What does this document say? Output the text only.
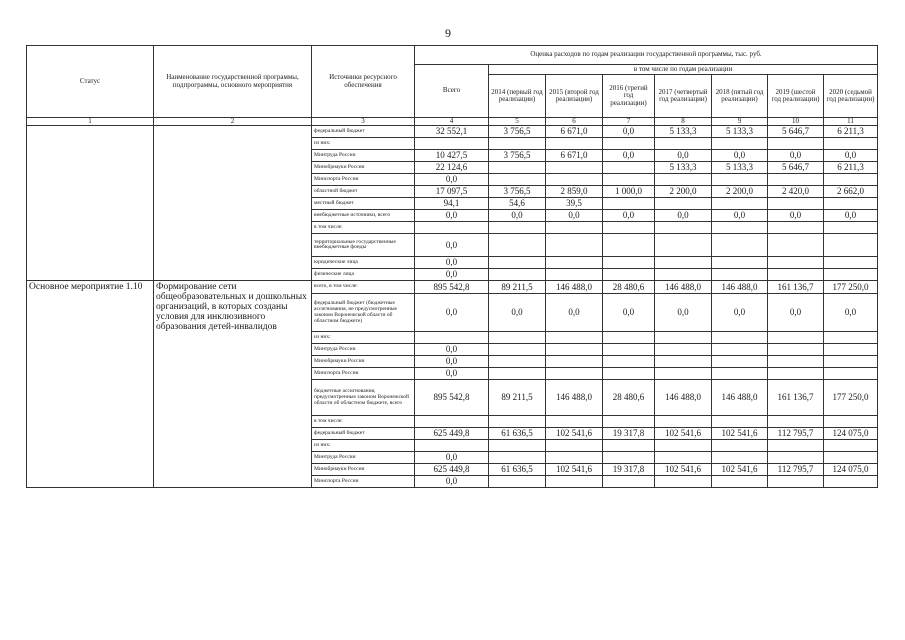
9
Статус	Наименование государственной программы, подпрограммы, основного мероприятия	Источники ресурсного обеспечения	Оценка расходов по годам реализации государственной программы, тыс. руб.							
			Всего	в том числе по годам реализации						
				2014 (первый год реализации)	2015 (второй год реализации)	2016 (третий год реализации)	2017 (четвертый год реализации)	2018 (пятый год реализации)	2019 (шестой год реализации)	2020 (седьмой год реализации)
1	2	3	4	5	6	7	8	9	10	11
		федеральный бюджет	32 552,1	3 756,5	6 671,0	0,0	5 133,3	5 133,3	5 646,7	6 211,3
		из них:								
		Минтруда России	10 427,5	3 756,5	6 671,0	0,0	0,0	0,0	0,0	0,0
		Минобрнауки России	22 124,6				5 133,3	5 133,3	5 646,7	6 211,3
		Минспорта России	0,0							
		областной бюджет	17 097,5	3 756,5	2 859,0	1 000,0	2 200,0	2 200,0	2 420,0	2 662,0
		местный бюджет	94,1	54,6	39,5					
		внебюджетные источники, всего	0,0	0,0	0,0	0,0	0,0	0,0	0,0	0,0
		в том числе:								
		территориальные государственные внебюджетные фонды	0,0							
		юридические лица	0,0							
		физические лица	0,0							
Основное мероприятие 1.10	Формирование сети общеобразовательных и дошкольных организаций, в которых созданы условия для инклюзивного образования детей-инвалидов	всего, в том числе:	895 542,8	89 211,5	146 488,0	28 480,6	146 488,0	146 488,0	161 136,7	177 250,0
		федеральный бюджет (бюджетные ассигнования, не предусмотренные законом Воронежской области об областном бюджете)	0,0	0,0	0,0	0,0	0,0	0,0	0,0	0,0
		из них:								
		Минтруда России	0,0							
		Минобрнауки России	0,0							
		Минспорта России	0,0							
		бюджетные ассигнования, предусмотренные законом Воронежской области об областном бюджете, всего	895 542,8	89 211,5	146 488,0	28 480,6	146 488,0	146 488,0	161 136,7	177 250,0
		в том числе:								
		федеральный бюджет	625 449,8	61 636,5	102 541,6	19 317,8	102 541,6	102 541,6	112 795,7	124 075,0
		из них:								
		Минтруда России	0,0							
		Минобрнауки России	625 449,8	61 636,5	102 541,6	19 317,8	102 541,6	102 541,6	112 795,7	124 075,0
		Минспорта России	0,0							
